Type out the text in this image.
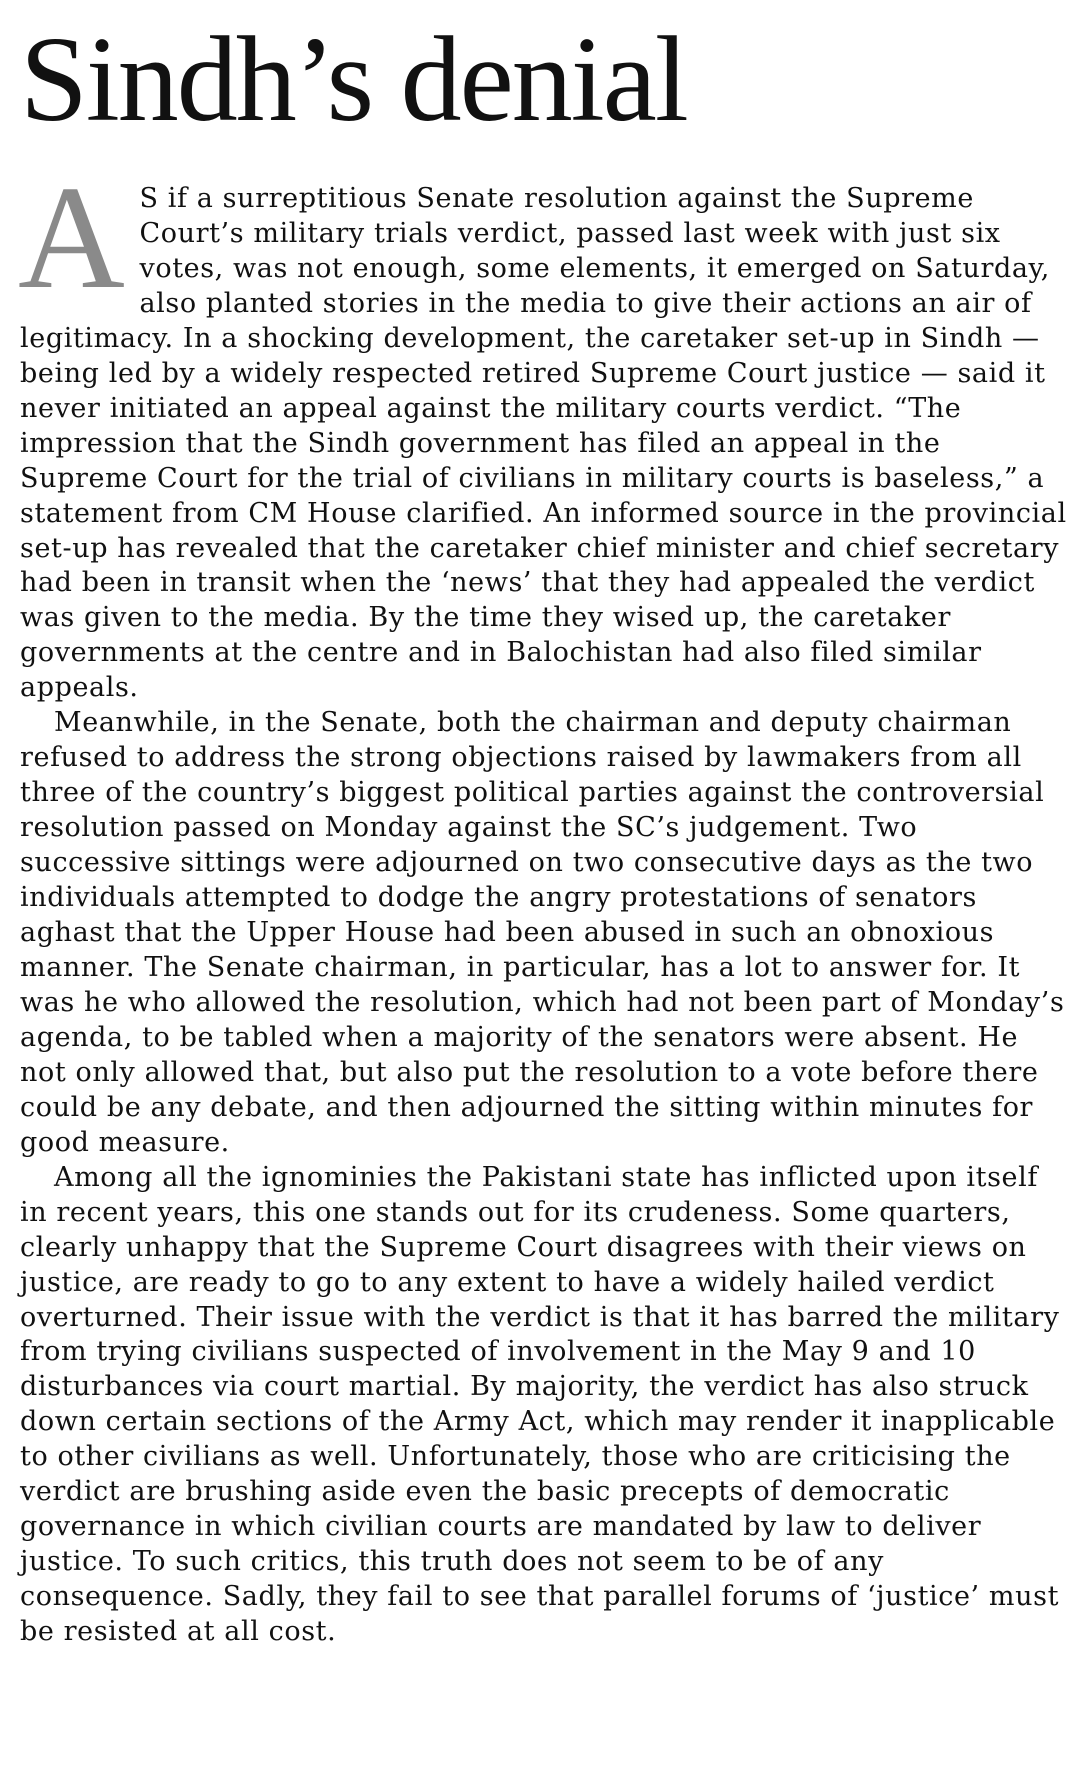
Sindh’s denial

A S if a surreptitious Senate resolution against the Supreme Court’s military trials verdict, passed last week with just six votes, was not enough, some elements, it emerged on Saturday, also planted stories in the media to give their actions an air of legitimacy. In a shocking development, the caretaker set-up in Sindh — being led by a widely respected retired Supreme Court justice — said it never initiated an appeal against the military courts verdict. “The impression that the Sindh government has filed an appeal in the Supreme Court for the trial of civilians in military courts is baseless,” a statement from CM House clarified. An informed source in the provincial set-up has revealed that the caretaker chief minister and chief secretary had been in transit when the ‘news’ that they had appealed the verdict was given to the media. By the time they wised up, the caretaker governments at the centre and in Balochistan had also filed similar appeals.

Meanwhile, in the Senate, both the chairman and deputy chairman refused to address the strong objections raised by lawmakers from all three of the country’s biggest political parties against the controversial resolution passed on Monday against the SC’s judgement. Two successive sittings were adjourned on two consecutive days as the two individuals attempted to dodge the angry protestations of senators aghast that the Upper House had been abused in such an obnoxious manner. The Senate chairman, in particular, has a lot to answer for. It was he who allowed the resolution, which had not been part of Monday’s agenda, to be tabled when a majority of the senators were absent. He not only allowed that, but also put the resolution to a vote before there could be any debate, and then adjourned the sitting within minutes for good measure.

Among all the ignominies the Pakistani state has inflicted upon itself in recent years, this one stands out for its crudeness. Some quarters, clearly unhappy that the Supreme Court disagrees with their views on justice, are ready to go to any extent to have a widely hailed verdict overturned. Their issue with the verdict is that it has barred the military from trying civilians suspected of involvement in the May 9 and 10 disturbances via court martial. By majority, the verdict has also struck down certain sections of the Army Act, which may render it inapplicable to other civilians as well. Unfortunately, those who are criticising the verdict are brushing aside even the basic precepts of democratic governance in which civilian courts are mandated by law to deliver justice. To such critics, this truth does not seem to be of any consequence. Sadly, they fail to see that parallel forums of ‘justice’ must be resisted at all cost.
